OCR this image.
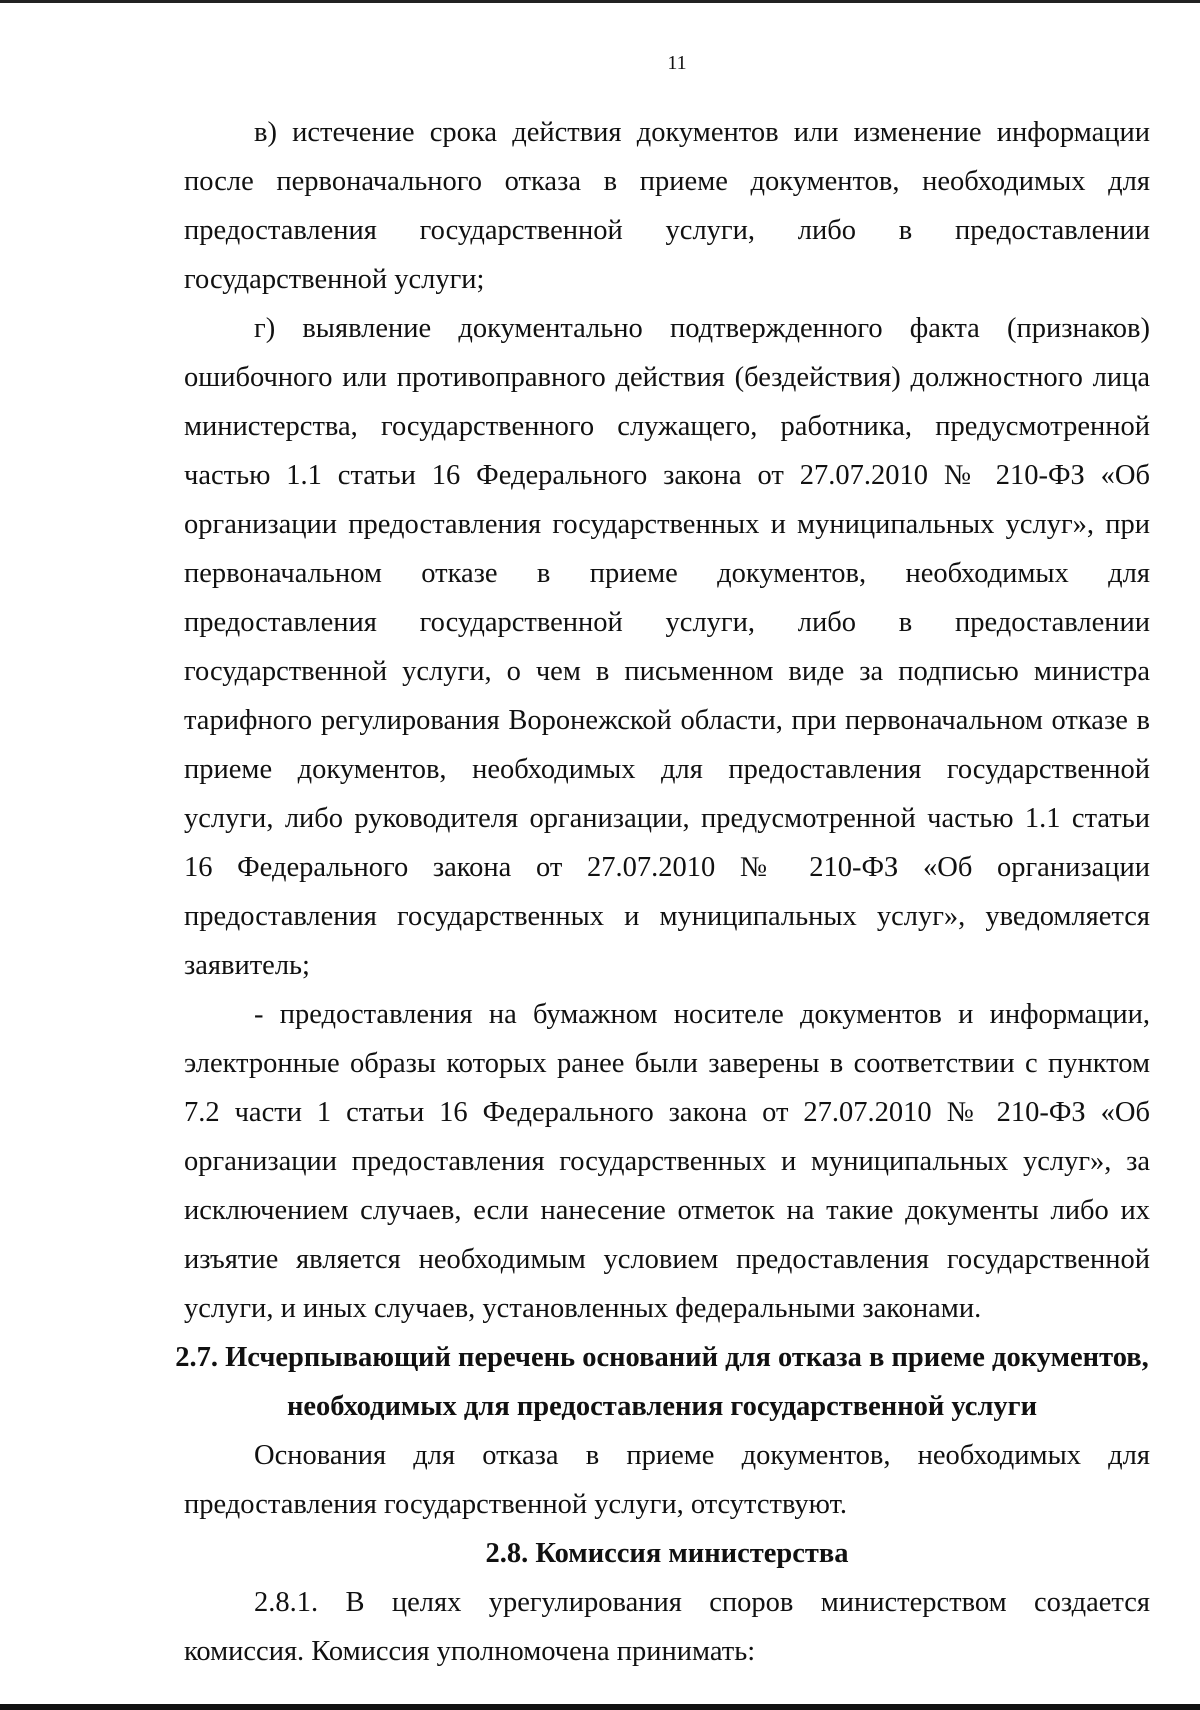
11

в) истечение срока действия документов или изменение информации после первоначального отказа в приеме документов, необходимых для предоставления государственной услуги, либо в предоставлении государственной услуги;

г) выявление документально подтвержденного факта (признаков) ошибочного или противоправного действия (бездействия) должностного лица министерства, государственного служащего, работника, предусмотренной частью 1.1 статьи 16 Федерального закона от 27.07.2010 № 210-ФЗ «Об организации предоставления государственных и муниципальных услуг», при первоначальном отказе в приеме документов, необходимых для предоставления государственной услуги, либо в предоставлении государственной услуги, о чем в письменном виде за подписью министра тарифного регулирования Воронежской области, при первоначальном отказе в приеме документов, необходимых для предоставления государственной услуги, либо руководителя организации, предусмотренной частью 1.1 статьи 16 Федерального закона от 27.07.2010 № 210-ФЗ «Об организации предоставления государственных и муниципальных услуг», уведомляется заявитель;

- предоставления на бумажном носителе документов и информации, электронные образы которых ранее были заверены в соответствии с пунктом 7.2 части 1 статьи 16 Федерального закона от 27.07.2010 № 210-ФЗ «Об организации предоставления государственных и муниципальных услуг», за исключением случаев, если нанесение отметок на такие документы либо их изъятие является необходимым условием предоставления государственной услуги, и иных случаев, установленных федеральными законами.

2.7. Исчерпывающий перечень оснований для отказа в приеме документов, необходимых для предоставления государственной услуги

Основания для отказа в приеме документов, необходимых для предоставления государственной услуги, отсутствуют.

2.8. Комиссия министерства

2.8.1. В целях урегулирования споров министерством создается комиссия. Комиссия уполномочена принимать:
